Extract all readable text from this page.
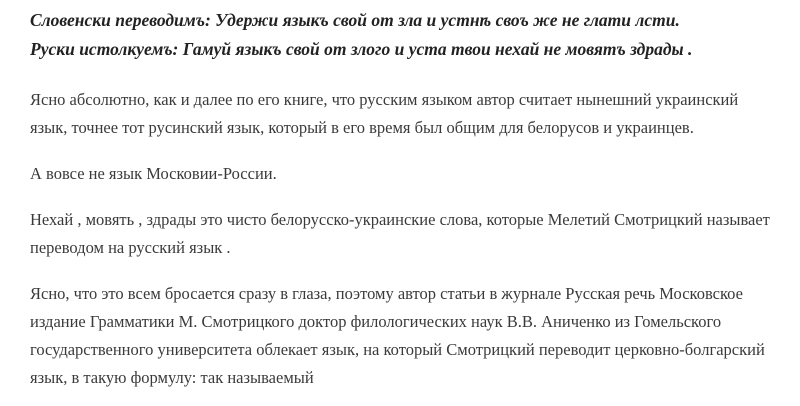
Словенски переводимъ: Удержи языкъ свой от зла и устнѣ своъ же не глати лсти.

Руски истолкуемъ: Гамуй языкъ свой от злого и уста твои нехай не мовятъ здрады .

Ясно абсолютно, как и далее по его книге, что русским языком автор считает нынешний украинский язык, точнее тот русинский язык, который в его время был общим для белорусов и украинцев.

А вовсе не язык Московии-России.

Нехай , мовять , здрады это чисто белорусско-украинские слова, которые Мелетий Смотрицкий называет переводом на русский язык .

Ясно, что это всем бросается сразу в глаза, поэтому автор статьи в журнале Русская речь Московское издание Грамматики М. Смотрицкого доктор филологических наук В.В. Аниченко из Гомельского государственного университета облекает язык, на который Смотрицкий переводит церковно-болгарский язык, в такую формулу: так называемый
